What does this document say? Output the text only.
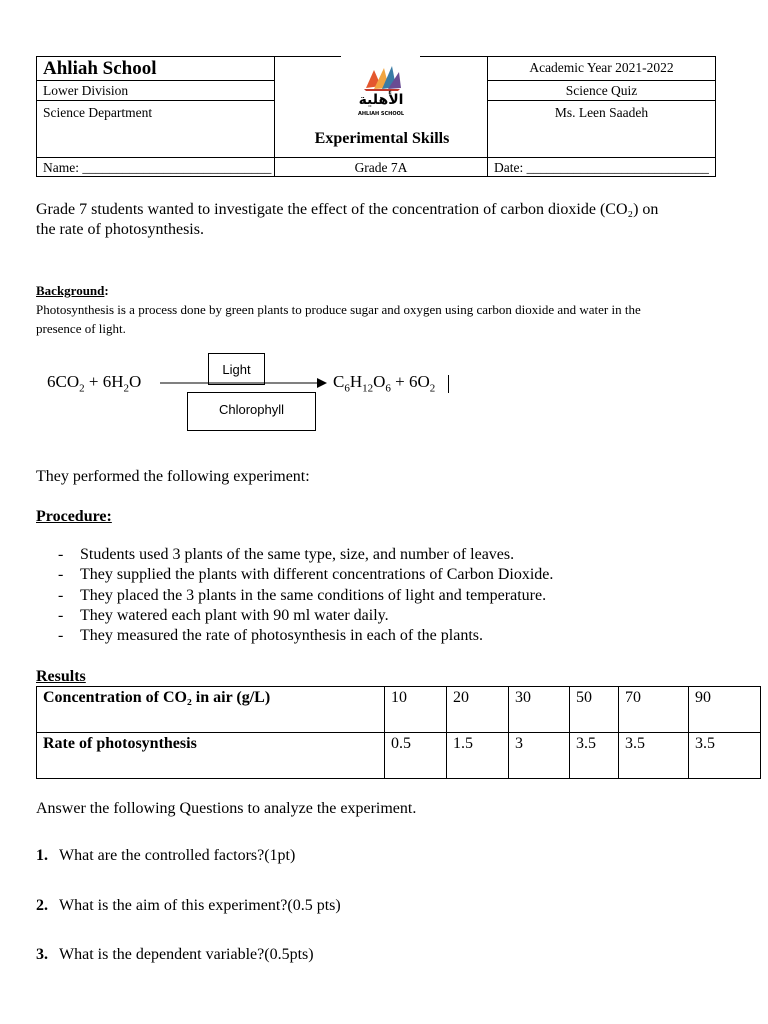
Ahliah School
Lower Division
Science Department
Name: ____________________________
الأهلية
AHLIAH SCHOOL
Experimental Skills
Grade 7A
Academic Year 2021-2022
Science Quiz
Ms. Leen Saadeh
Date: ___________________________
Grade 7 students wanted to investigate the effect of the concentration of carbon dioxide (CO₂) on
the rate of photosynthesis.
Background:
Photosynthesis is a process done by green plants to produce sugar and oxygen using carbon dioxide and water in the
presence of light.
$6CO_2 + 6H_2O$	$C_6H_{12}O_6 + 6O_2$
Light
Chlorophyll
They performed the following experiment:
Procedure:
- Students used 3 plants of the same type, size, and number of leaves.
- They supplied the plants with different concentrations of Carbon Dioxide.
- They placed the 3 plants in the same conditions of light and temperature.
- They watered each plant with 90 ml water daily.
- They measured the rate of photosynthesis in each of the plants.
Results
Concentration of CO₂ in air (g/L)	10	20	30	50	70	90
Rate of photosynthesis	0.5	1.5	3	3.5	3.5	3.5
Answer the following Questions to analyze the experiment.
1. What are the controlled factors?(1pt)
2. What is the aim of this experiment?(0.5 pts)
3. What is the dependent variable?(0.5pts)
